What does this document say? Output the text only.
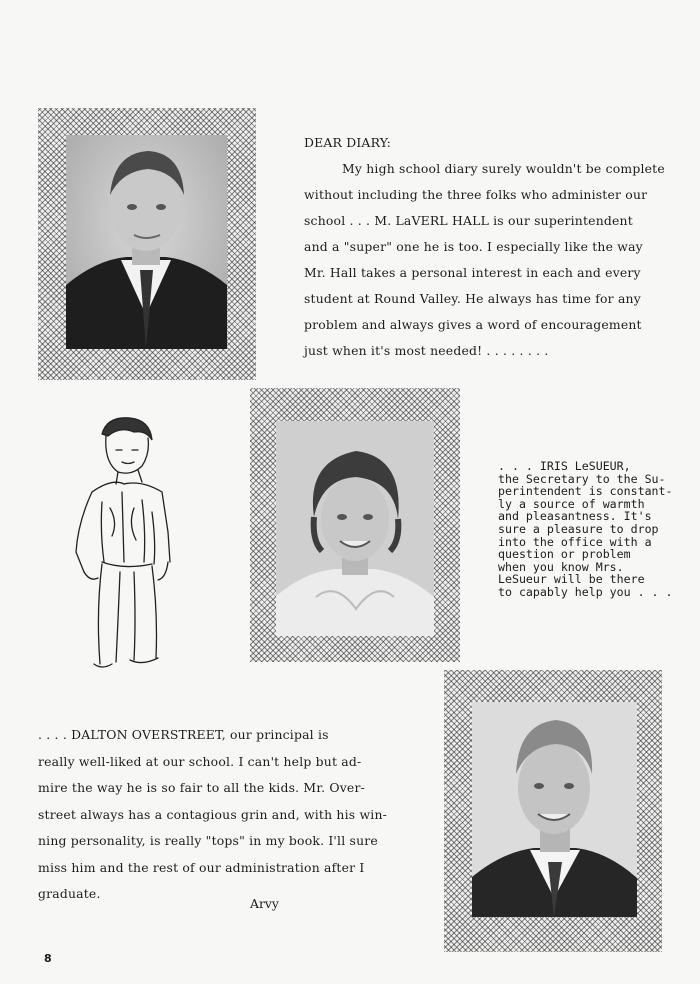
DEAR DIARY:
My high school diary surely wouldn't be complete
without including the three folks who administer our
school . . . M. LaVERL HALL is our superintendent
and a "super" one he is too. I especially like the way
Mr. Hall takes a personal interest in each and every
student at Round Valley. He always has time for any
problem and always gives a word of encouragement
just when it's most needed! . . . . . . . .
. . . IRIS LeSUEUR,
the Secretary to the Su-
perintendent is constant-
ly a source of warmth
and pleasantness. It's
sure a pleasure to drop
into the office with a
question or problem
when you know Mrs.
LeSueur will be there
to capably help you . . .
. . . . DALTON OVERSTREET, our principal is
really well-liked at our school. I can't help but ad-
mire the way he is so fair to all the kids. Mr. Over-
street always has a contagious grin and, with his win-
ning personality, is really "tops" in my book. I'll sure
miss him and the rest of our administration after I
graduate.
Arvy
8
